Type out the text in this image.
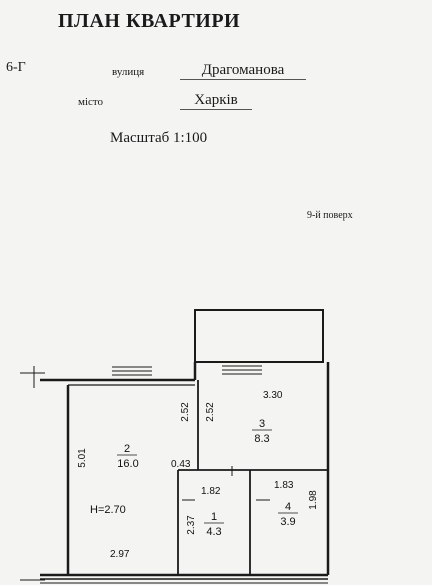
ПЛАН КВАРТИРИ
6-Г	вулиця	Драгоманова
місто	Харків
Масштаб 1:100
9-й поверх
2
16.0
3
8.3
1
4.3
4
3.9
3.30
2.52 2.52
5.01	0.43
1.82
1.83
1.98
2.37
2.97
H=2.70
